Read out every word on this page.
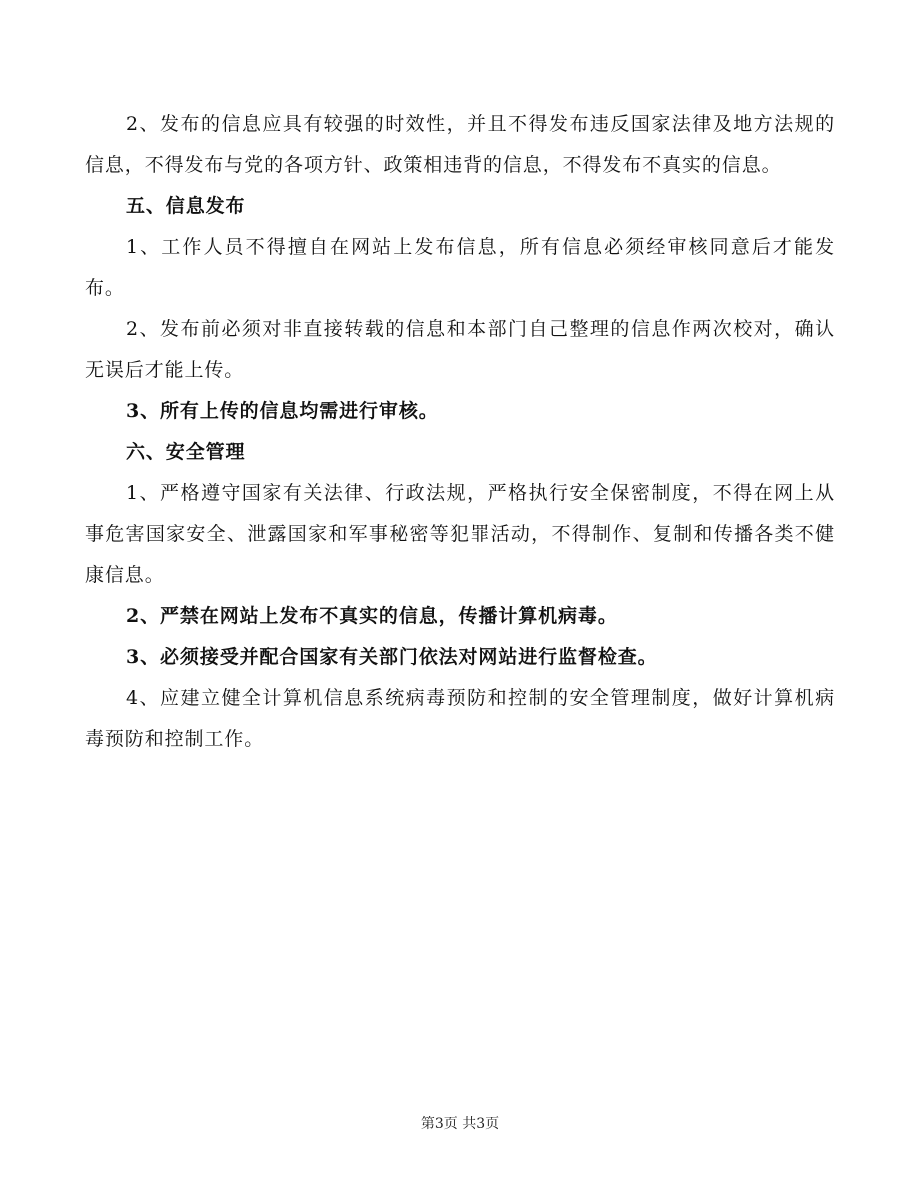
2、发布的信息应具有较强的时效性，并且不得发布违反国家法律及地方法规的信息，不得发布与党的各项方针、政策相违背的信息，不得发布不真实的信息。

五、信息发布

1、工作人员不得擅自在网站上发布信息，所有信息必须经审核同意后才能发布。

2、发布前必须对非直接转载的信息和本部门自己整理的信息作两次校对，确认无误后才能上传。

3、所有上传的信息均需进行审核。

六、安全管理

1、严格遵守国家有关法律、行政法规，严格执行安全保密制度，不得在网上从事危害国家安全、泄露国家和军事秘密等犯罪活动，不得制作、复制和传播各类不健康信息。

2、严禁在网站上发布不真实的信息，传播计算机病毒。

3、必须接受并配合国家有关部门依法对网站进行监督检查。

4、应建立健全计算机信息系统病毒预防和控制的安全管理制度，做好计算机病毒预防和控制工作。

第3页 共3页
